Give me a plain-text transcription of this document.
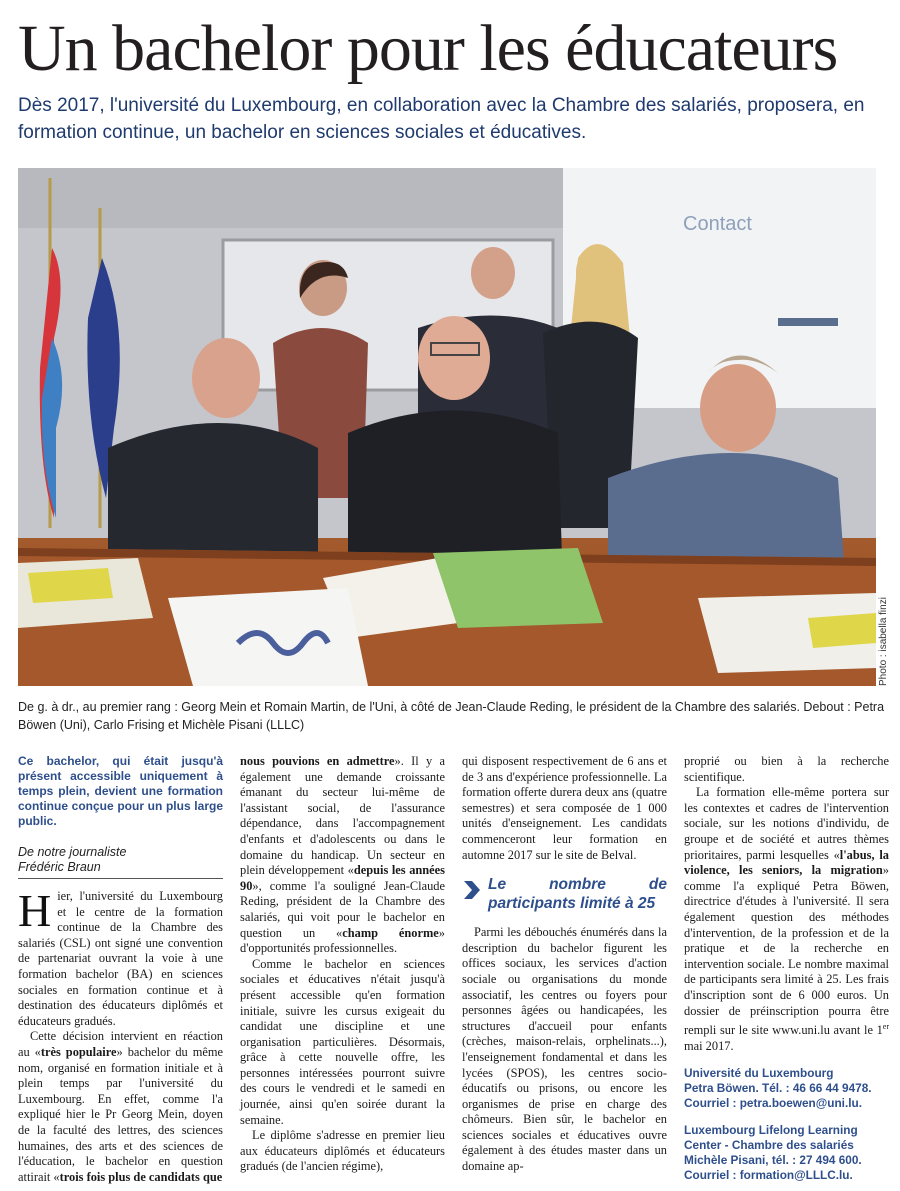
Un bachelor pour les éducateurs
Dès 2017, l'université du Luxembourg, en collaboration avec la Chambre des salariés, proposera, en formation continue, un bachelor en sciences sociales et éducatives.
Contact
Photo : isabella finzi
De g. à dr., au premier rang : Georg Mein et Romain Martin, de l'Uni, à côté de Jean-Claude Reding, le président de la Chambre des salariés. Debout : Petra Böwen (Uni), Carlo Frising et Michèle Pisani (LLLC)
Ce bachelor, qui était jusqu'à présent accessible uniquement à temps plein, devient une formation continue conçue pour un plus large public.
De notre journaliste
Frédéric Braun

Hier, l'université du Luxembourg et le centre de la formation continue de la Chambre des salariés (CSL) ont signé une convention de partenariat ouvrant la voie à une formation bachelor (BA) en sciences sociales en formation continue et à destination des éducateurs diplômés et éducateurs gradués.

Cette décision intervient en réaction au «très populaire» bachelor du même nom, organisé en formation initiale et à plein temps par l'université du Luxembourg. En effet, comme l'a expliqué hier le Pr Georg Mein, doyen de la faculté des lettres, des sciences humaines, des arts et des sciences de l'éducation, le bachelor en question attirait «trois fois plus de candidats que

nous pouvions en admettre». Il y a également une demande croissante émanant du secteur lui-même de l'assistant social, de l'assurance dépendance, dans l'accompagnement d'enfants et d'adolescents ou dans le domaine du handicap. Un secteur en plein développement «depuis les années 90», comme l'a souligné Jean-Claude Reding, président de la Chambre des salariés, qui voit pour le bachelor en question un «champ énorme» d'opportunités professionnelles.

Comme le bachelor en sciences sociales et éducatives n'était jusqu'à présent accessible qu'en formation initiale, suivre les cursus exigeait du candidat une discipline et une organisation particulières. Désormais, grâce à cette nouvelle offre, les personnes intéressées pourront suivre des cours le vendredi et le samedi en journée, ainsi qu'en soirée durant la semaine.

Le diplôme s'adresse en premier lieu aux éducateurs diplômés et éducateurs gradués (de l'ancien régime),

qui disposent respectivement de 6 ans et de 3 ans d'expérience professionnelle. La formation offerte durera deux ans (quatre semestres) et sera composée de 1 000 unités d'enseignement. Les candidats commenceront leur formation en automne 2017 sur le site de Belval.

Le nombre de participants limité à 25

Parmi les débouchés énumérés dans la description du bachelor figurent les offices sociaux, les services d'action sociale ou organisations du monde associatif, les centres ou foyers pour personnes âgées ou handicapées, les structures d'accueil pour enfants (crèches, maison-relais, orphelinats...), l'enseignement fondamental et dans les lycées (SPOS), les centres socio-éducatifs ou prisons, ou encore les organismes de prise en charge des chômeurs. Bien sûr, le bachelor en sciences sociales et éducatives ouvre également à des études master dans un domaine ap-

proprié ou bien à la recherche scientifique.

La formation elle-même portera sur les contextes et cadres de l'intervention sociale, sur les notions d'individu, de groupe et de société et autres thèmes prioritaires, parmi lesquelles «l'abus, la violence, les seniors, la migration» comme l'a expliqué Petra Böwen, directrice d'études à l'université. Il sera également question des méthodes d'intervention, de la profession et de la pratique et de la recherche en intervention sociale. Le nombre maximal de participants sera limité à 25. Les frais d'inscription sont de 6 000 euros. Un dossier de préinscription pourra être rempli sur le site www.uni.lu avant le 1er mai 2017.

Université du Luxembourg
Petra Böwen. Tél. : 46 66 44 9478.
Courriel : petra.boewen@uni.lu.
Luxembourg Lifelong Learning
Center - Chambre des salariés
Michèle Pisani, tél. : 27 494 600.
Courriel : formation@LLLC.lu.
